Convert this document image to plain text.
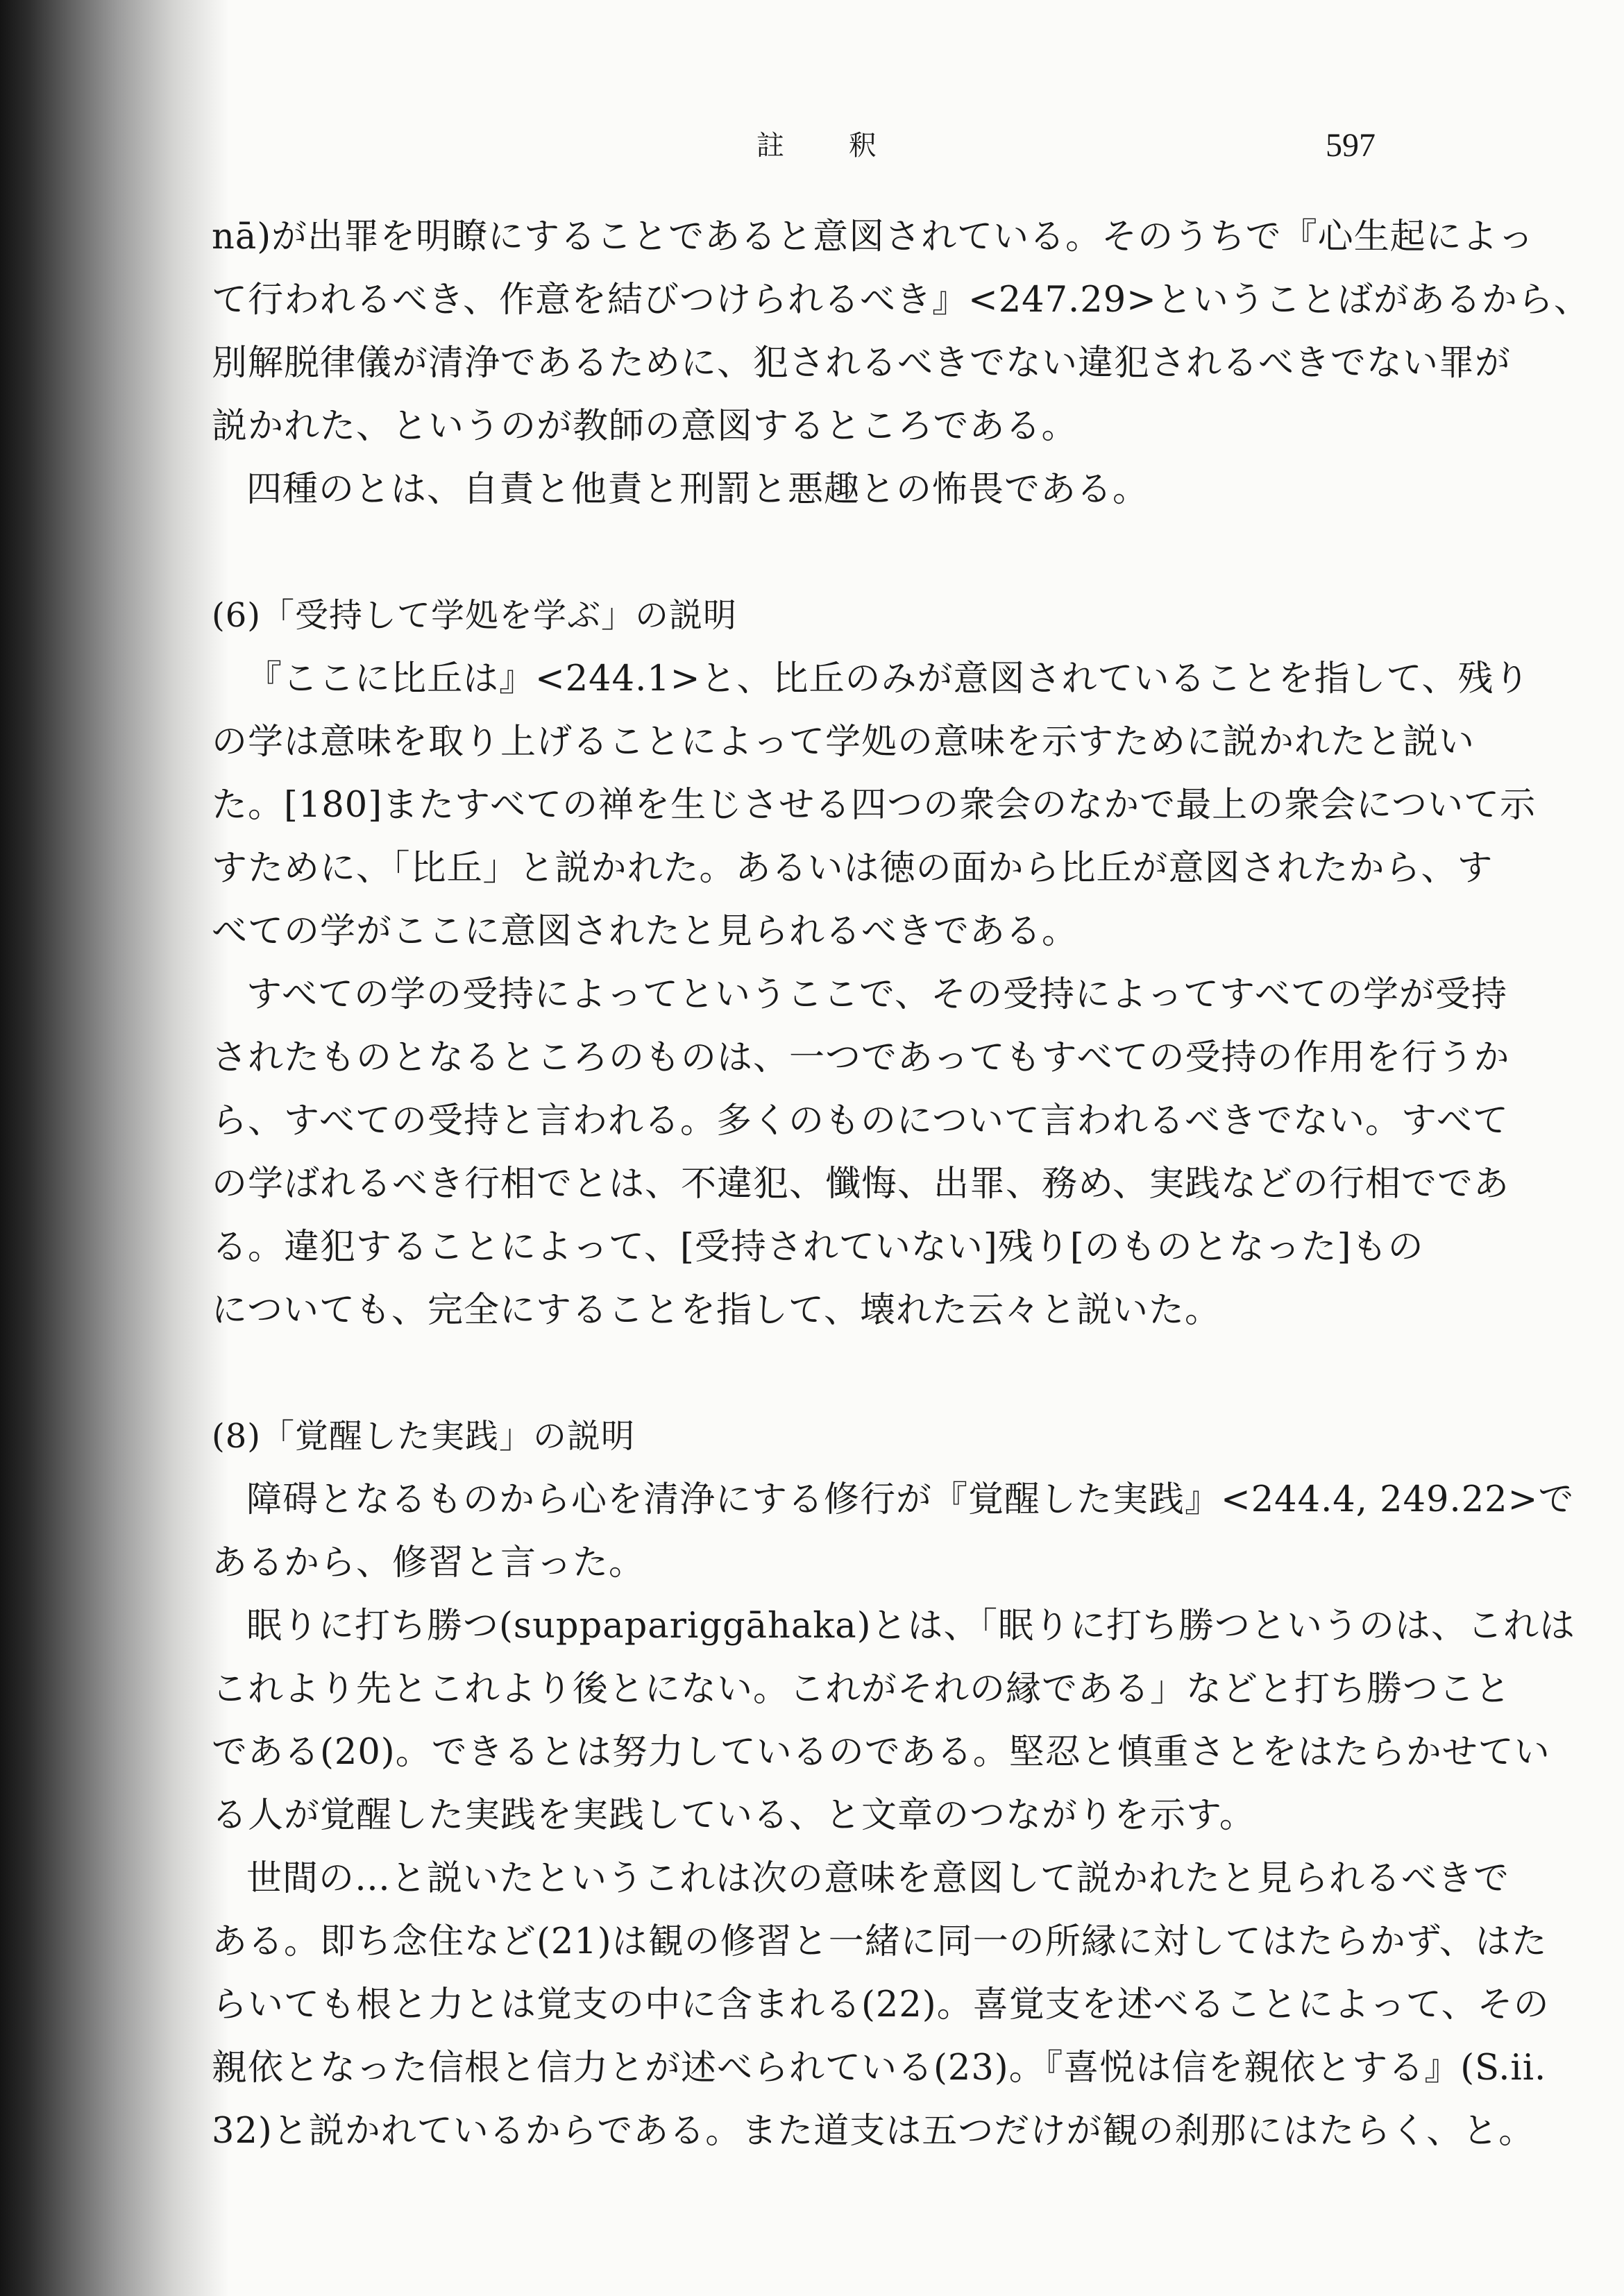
註 釈	597
nā)が出罪を明瞭にすることであると意図されている。そのうちで『心生起によっ
て行われるべき、作意を結びつけられるべき』<247.29>ということばがあるから、
別解脱律儀が清浄であるために、犯されるべきでない違犯されるべきでない罪が
説かれた、というのが教師の意図するところである。
四種のとは、自責と他責と刑罰と悪趣との怖畏である。
(6)「受持して学処を学ぶ」の説明
『ここに比丘は』<244.1>と、比丘のみが意図されていることを指して、残り
の学は意味を取り上げることによって学処の意味を示すために説かれたと説い
た。[180]またすべての禅を生じさせる四つの衆会のなかで最上の衆会について示
すために、「比丘」と説かれた。あるいは徳の面から比丘が意図されたから、す
べての学がここに意図されたと見られるべきである。
すべての学の受持によってというここで、その受持によってすべての学が受持
されたものとなるところのものは、一つであってもすべての受持の作用を行うか
ら、すべての受持と言われる。多くのものについて言われるべきでない。すべて
の学ばれるべき行相でとは、不違犯、懺悔、出罪、務め、実践などの行相でであ
る。違犯することによって、[受持されていない]残り[のものとなった]もの
についても、完全にすることを指して、壊れた云々と説いた。
(8)「覚醒した実践」の説明
障碍となるものから心を清浄にする修行が『覚醒した実践』<244.4, 249.22>で
あるから、修習と言った。
眠りに打ち勝つ(suppapariggāhaka)とは、「眠りに打ち勝つというのは、これは
これより先とこれより後とにない。これがそれの縁である」などと打ち勝つこと
である(20)。できるとは努力しているのである。堅忍と慎重さとをはたらかせてい
る人が覚醒した実践を実践している、と文章のつながりを示す。
世間の…と説いたというこれは次の意味を意図して説かれたと見られるべきで
ある。即ち念住など(21)は観の修習と一緒に同一の所縁に対してはたらかず、はた
らいても根と力とは覚支の中に含まれる(22)。喜覚支を述べることによって、その
親依となった信根と信力とが述べられている(23)。『喜悦は信を親依とする』(S.ii.
32)と説かれているからである。また道支は五つだけが観の刹那にはたらく、と。
